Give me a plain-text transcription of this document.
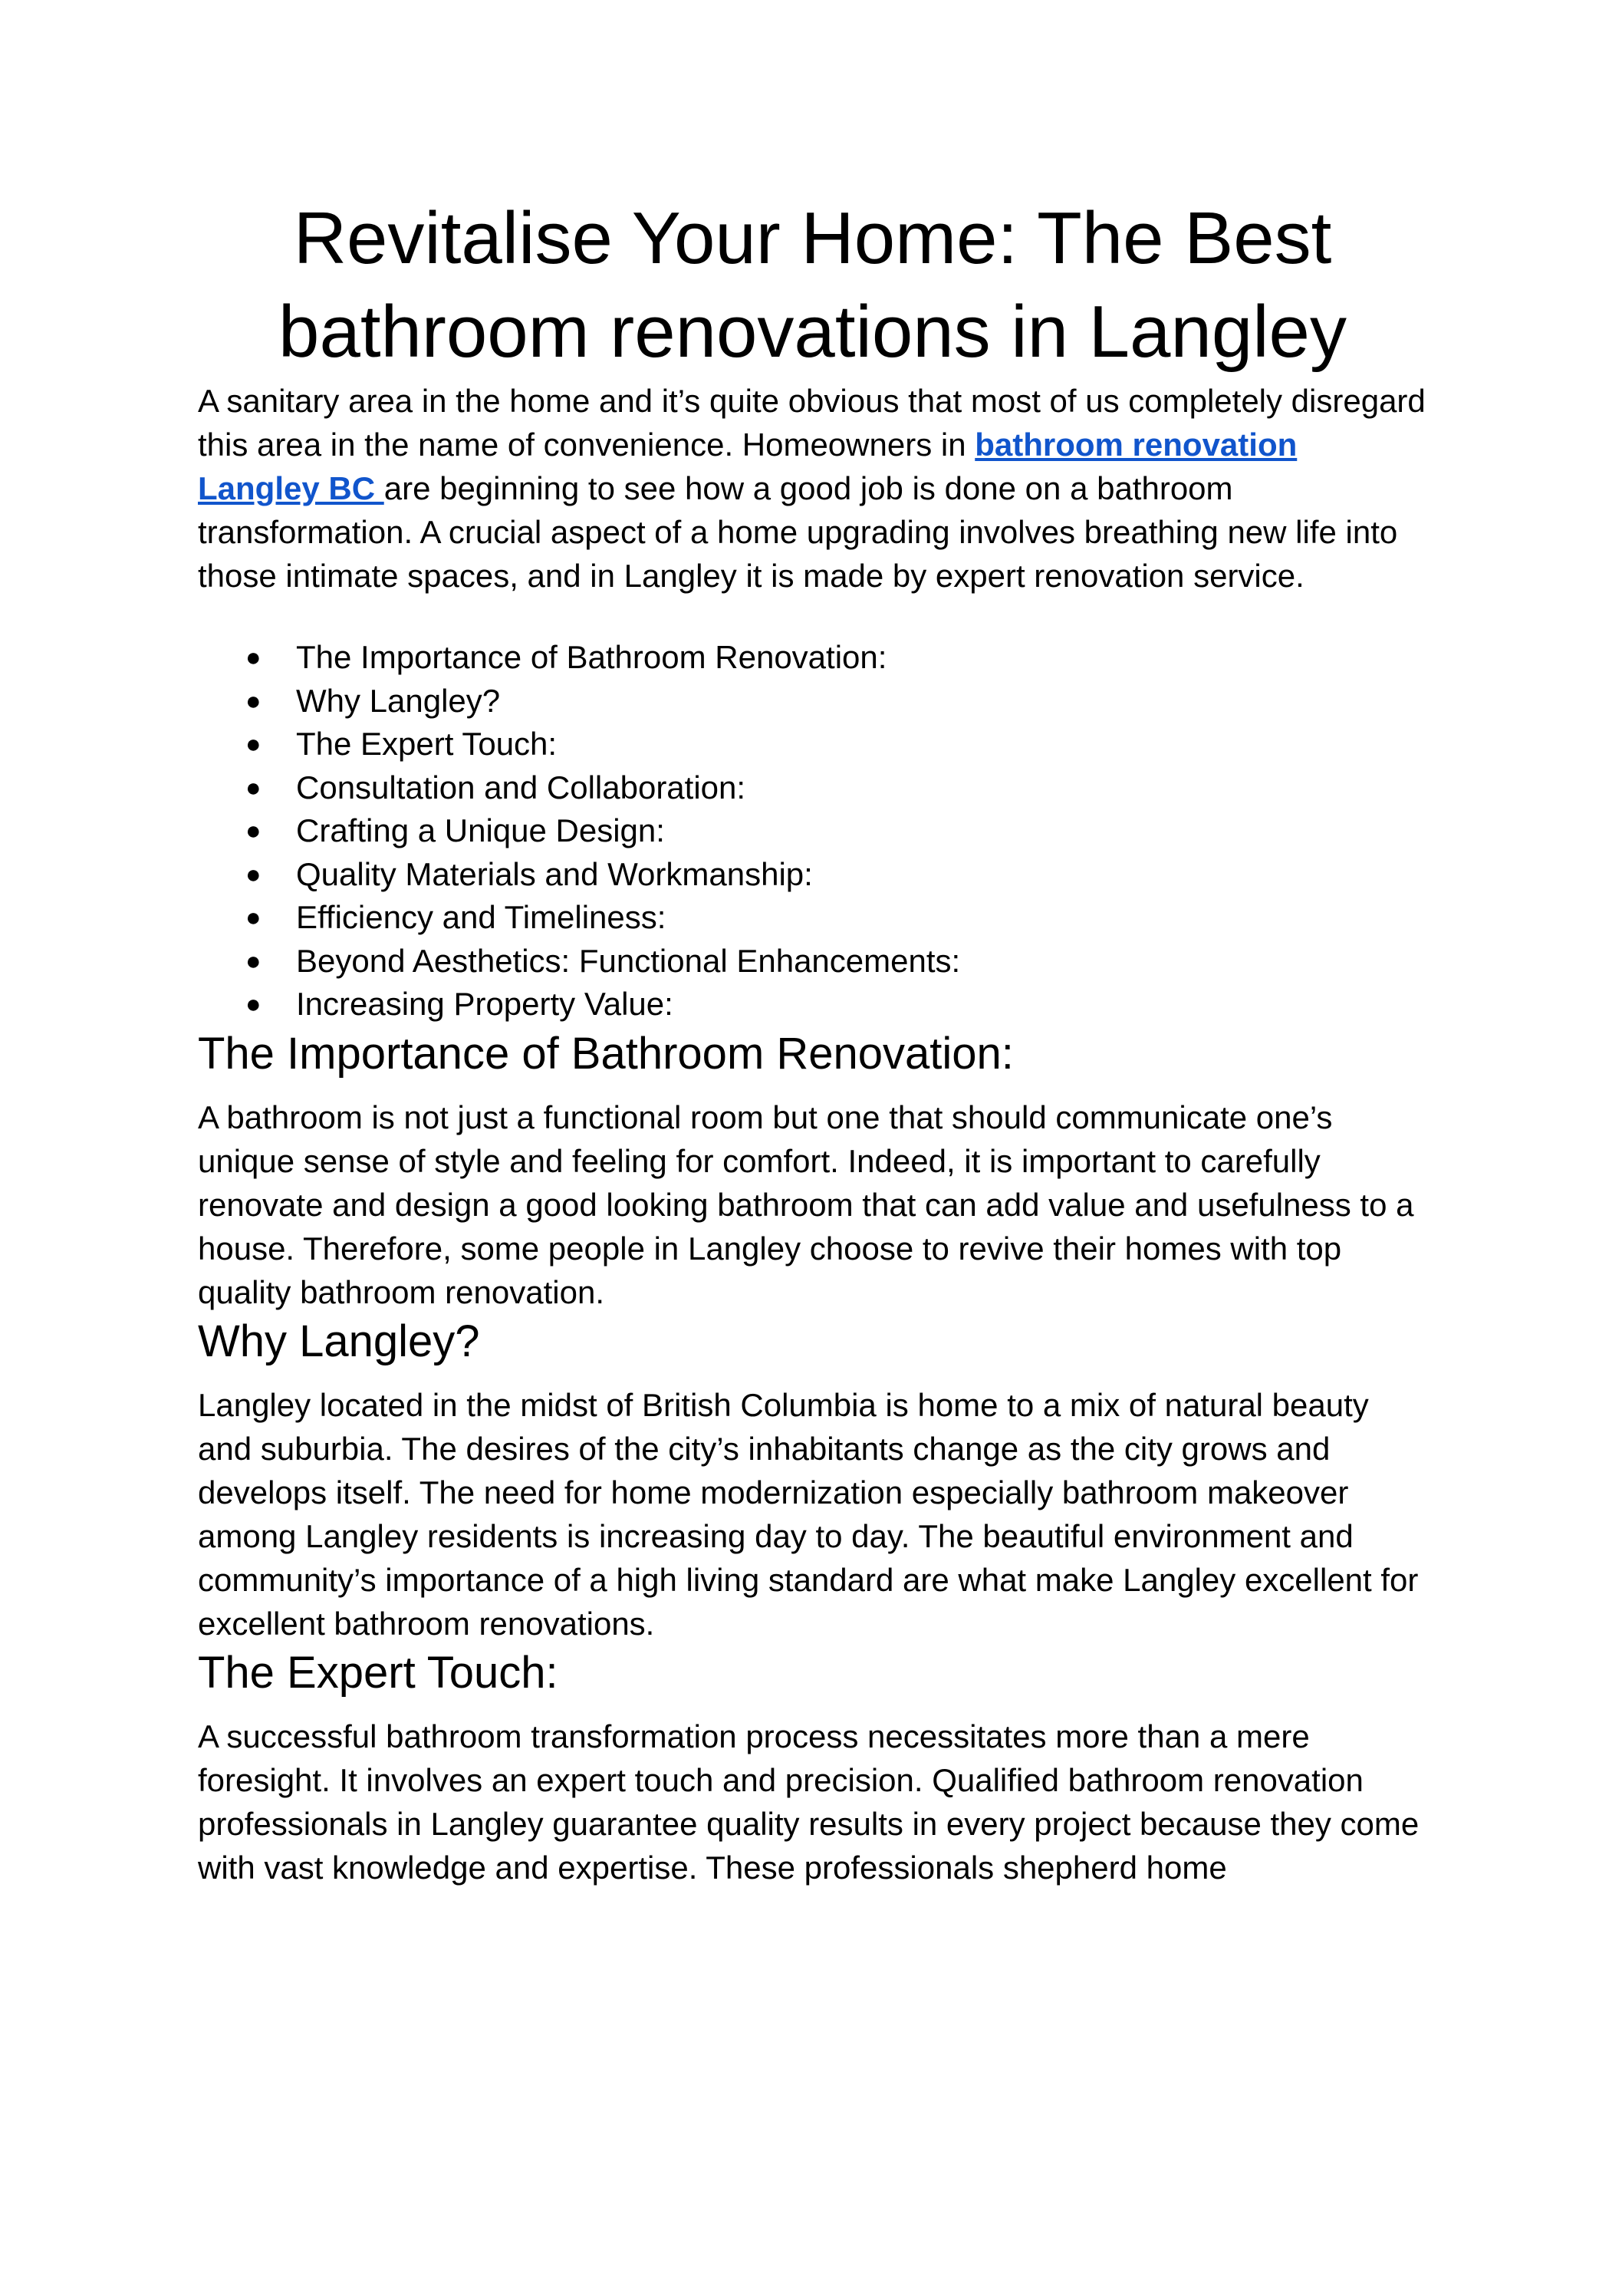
Revitalise Your Home: The Best bathroom renovations in Langley

A sanitary area in the home and it’s quite obvious that most of us completely disregard this area in the name of convenience. Homeowners in bathroom renovation Langley BC are beginning to see how a good job is done on a bathroom transformation. A crucial aspect of a home upgrading involves breathing new life into those intimate spaces, and in Langley it is made by expert renovation service.

● The Importance of Bathroom Renovation:
● Why Langley?
● The Expert Touch:
● Consultation and Collaboration:
● Crafting a Unique Design:
● Quality Materials and Workmanship:
● Efficiency and Timeliness:
● Beyond Aesthetics: Functional Enhancements:
● Increasing Property Value:
The Importance of Bathroom Renovation:

A bathroom is not just a functional room but one that should communicate one’s unique sense of style and feeling for comfort. Indeed, it is important to carefully renovate and design a good looking bathroom that can add value and usefulness to a house. Therefore, some people in Langley choose to revive their homes with top quality bathroom renovation.

Why Langley?

Langley located in the midst of British Columbia is home to a mix of natural beauty and suburbia. The desires of the city’s inhabitants change as the city grows and develops itself. The need for home modernization especially bathroom makeover among Langley residents is increasing day to day. The beautiful environment and community’s importance of a high living standard are what make Langley excellent for excellent bathroom renovations.

The Expert Touch:

A successful bathroom transformation process necessitates more than a mere foresight. It involves an expert touch and precision. Qualified bathroom renovation professionals in Langley guarantee quality results in every project because they come with vast knowledge and expertise. These professionals shepherd home
